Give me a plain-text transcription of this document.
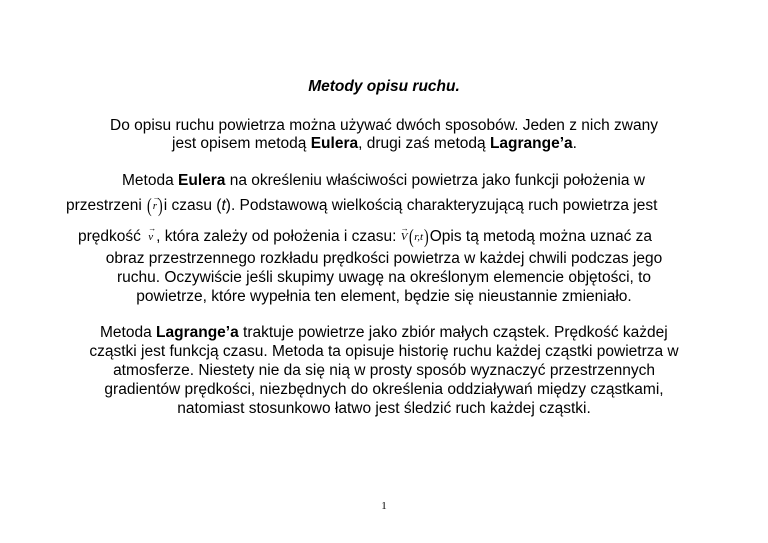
Metody opisu ruchu.
Do opisu ruchu powietrza można używać dwóch sposobów. Jeden z nich zwany
jest opisem metodą Eulera, drugi zaś metodą Lagrange’a.
Metoda Eulera na określeniu właściwości powietrza jako funkcji położenia w
przestrzeni (→ r)i czasu (t). Podstawową wielkością charakteryzującą ruch powietrza jest
prędkość → v , która zależy od położenia i czasu: → V(r,t)Opis tą metodą można uznać za
obraz przestrzennego rozkładu prędkości powietrza w każdej chwili podczas jego
ruchu. Oczywiście jeśli skupimy uwagę na określonym elemencie objętości, to
powietrze, które wypełnia ten element, będzie się nieustannie zmieniało.
Metoda Lagrange’a traktuje powietrze jako zbiór małych cząstek. Prędkość każdej
cząstki jest funkcją czasu. Metoda ta opisuje historię ruchu każdej cząstki powietrza w
atmosferze. Niestety nie da się nią w prosty sposób wyznaczyć przestrzennych
gradientów prędkości, niezbędnych do określenia oddziaływań między cząstkami,
natomiast stosunkowo łatwo jest śledzić ruch każdej cząstki.
1
